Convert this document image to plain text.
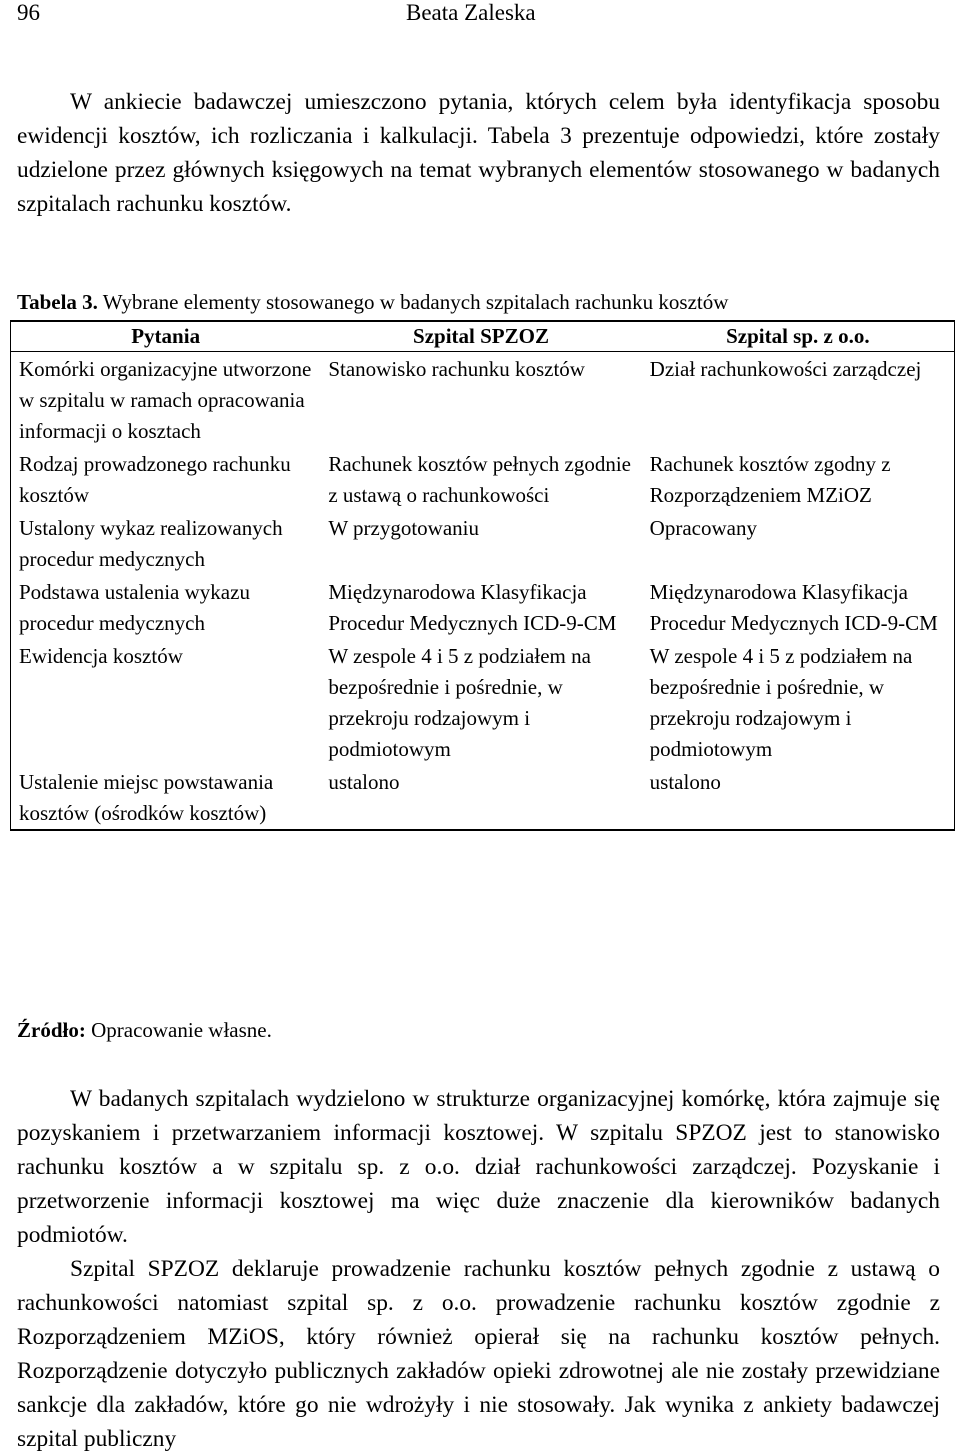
96	Beata Zaleska

W ankiecie badawczej umieszczono pytania, których celem była identyfikacja sposobu ewidencji kosztów, ich rozliczania i kalkulacji. Tabela 3 prezentuje odpowiedzi, które zostały udzielone przez głównych księgowych na temat wybranych elementów stosowanego w badanych szpitalach rachunku kosztów.

Tabela 3. Wybrane elementy stosowanego w badanych szpitalach rachunku kosztów
Pytania	Szpital SPZOZ	Szpital sp. z o.o.
Komórki organizacyjne utworzone w szpitalu w ramach opracowania informacji o kosztach	Stanowisko rachunku kosztów	Dział rachunkowości zarządczej
Rodzaj prowadzonego rachunku kosztów	Rachunek kosztów pełnych zgodnie z ustawą o rachunkowości	Rachunek kosztów zgodny z Rozporządzeniem MZiOZ
Ustalony wykaz realizowanych procedur medycznych	W przygotowaniu	Opracowany
Podstawa ustalenia wykazu procedur medycznych	Międzynarodowa Klasyfikacja Procedur Medycznych ICD-9-CM	Międzynarodowa Klasyfikacja Procedur Medycznych ICD-9-CM
Ewidencja kosztów	W zespole 4 i 5 z podziałem na bezpośrednie i pośrednie, w przekroju rodzajowym i podmiotowym	W zespole 4 i 5 z podziałem na bezpośrednie i pośrednie, w przekroju rodzajowym i podmiotowym
Ustalenie miejsc powstawania kosztów (ośrodków kosztów)	ustalono	ustalono
Źródło: Opracowanie własne.

W badanych szpitalach wydzielono w strukturze organizacyjnej komórkę, która zajmuje się pozyskaniem i przetwarzaniem informacji kosztowej. W szpitalu SPZOZ jest to stanowisko rachunku kosztów a w szpitalu sp. z o.o. dział rachunkowości zarządczej. Pozyskanie i przetworzenie informacji kosztowej ma więc duże znaczenie dla kierowników badanych podmiotów.

Szpital SPZOZ deklaruje prowadzenie rachunku kosztów pełnych zgodnie z ustawą o rachunkowości natomiast szpital sp. z o.o. prowadzenie rachunku kosztów zgodnie z Rozporządzeniem MZiOS, który również opierał się na rachunku kosztów pełnych. Rozporządzenie dotyczyło publicznych zakładów opieki zdrowotnej ale nie zostały przewidziane sankcje dla zakładów, które go nie wdrożyły i nie stosowały. Jak wynika z ankiety badawczej szpital publiczny
